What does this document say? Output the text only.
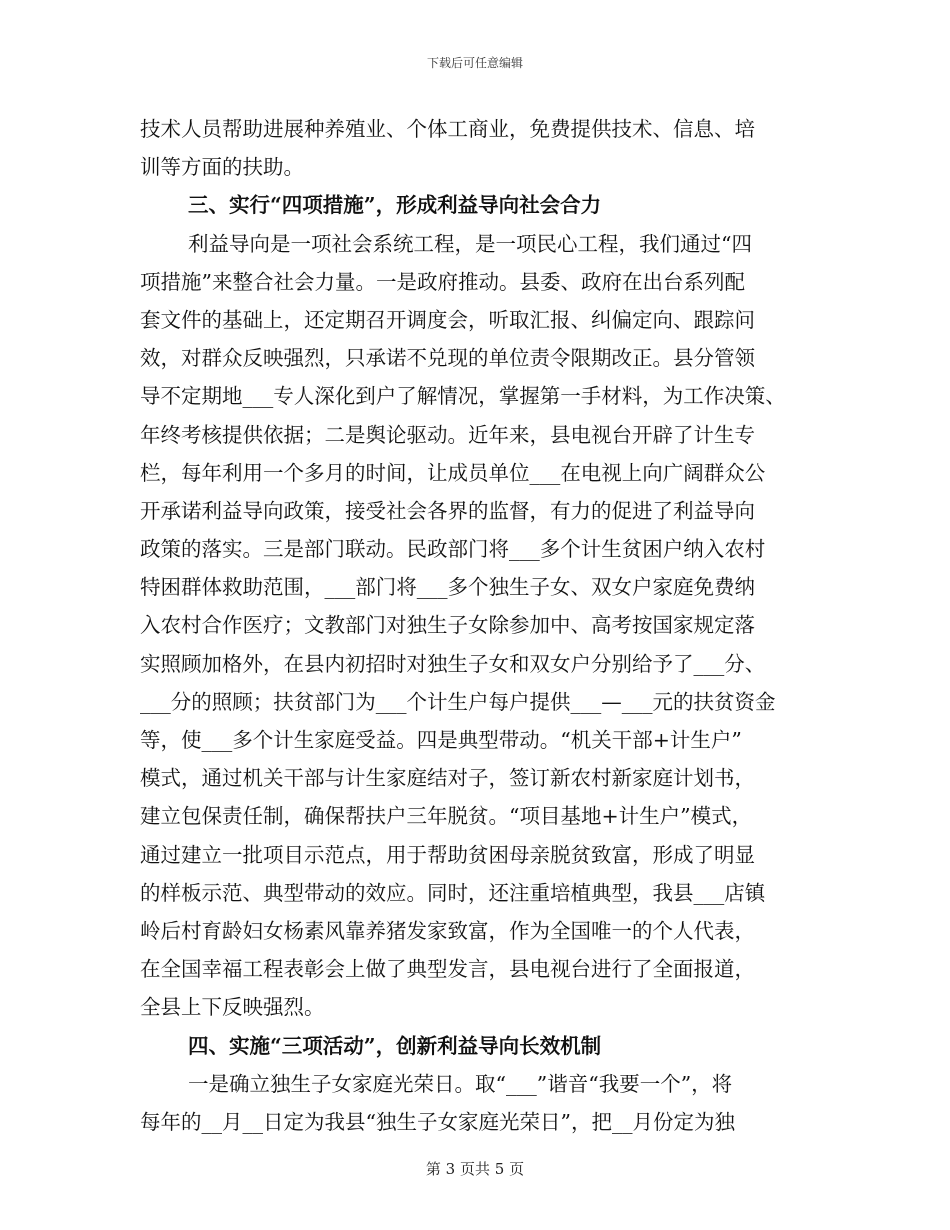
下载后可任意编辑
技术人员帮助进展种养殖业、个体工商业，免费提供技术、信息、培
训等方面的扶助。
三、实行“四项措施”，形成利益导向社会合力
利益导向是一项社会系统工程，是一项民心工程，我们通过“四
项措施”来整合社会力量。一是政府推动。县委、政府在出台系列配
套文件的基础上，还定期召开调度会，听取汇报、纠偏定向、跟踪问
效，对群众反映强烈，只承诺不兑现的单位责令限期改正。县分管领
导不定期地___专人深化到户了解情况，掌握第一手材料，为工作决策、
年终考核提供依据；二是舆论驱动。近年来，县电视台开辟了计生专
栏，每年利用一个多月的时间，让成员单位___在电视上向广阔群众公
开承诺利益导向政策，接受社会各界的监督，有力的促进了利益导向
政策的落实。三是部门联动。民政部门将___多个计生贫困户纳入农村
特困群体救助范围，___部门将___多个独生子女、双女户家庭免费纳
入农村合作医疗；文教部门对独生子女除参加中、高考按国家规定落
实照顾加格外，在县内初招时对独生子女和双女户分别给予了___分、
___分的照顾；扶贫部门为___个计生户每户提供___—___元的扶贫资金
等，使___多个计生家庭受益。四是典型带动。“机关干部+计生户”
模式，通过机关干部与计生家庭结对子，签订新农村新家庭计划书，
建立包保责任制，确保帮扶户三年脱贫。“项目基地+计生户”模式，
通过建立一批项目示范点，用于帮助贫困母亲脱贫致富，形成了明显
的样板示范、典型带动的效应。同时，还注重培植典型，我县___店镇
岭后村育龄妇女杨素风靠养猪发家致富，作为全国唯一的个人代表，
在全国幸福工程表彰会上做了典型发言，县电视台进行了全面报道，
全县上下反映强烈。
四、实施“三项活动”，创新利益导向长效机制
一是确立独生子女家庭光荣日。取“___”谐音“我要一个”，将
每年的__月__日定为我县“独生子女家庭光荣日”，把__月份定为独
第 3 页共 5 页
